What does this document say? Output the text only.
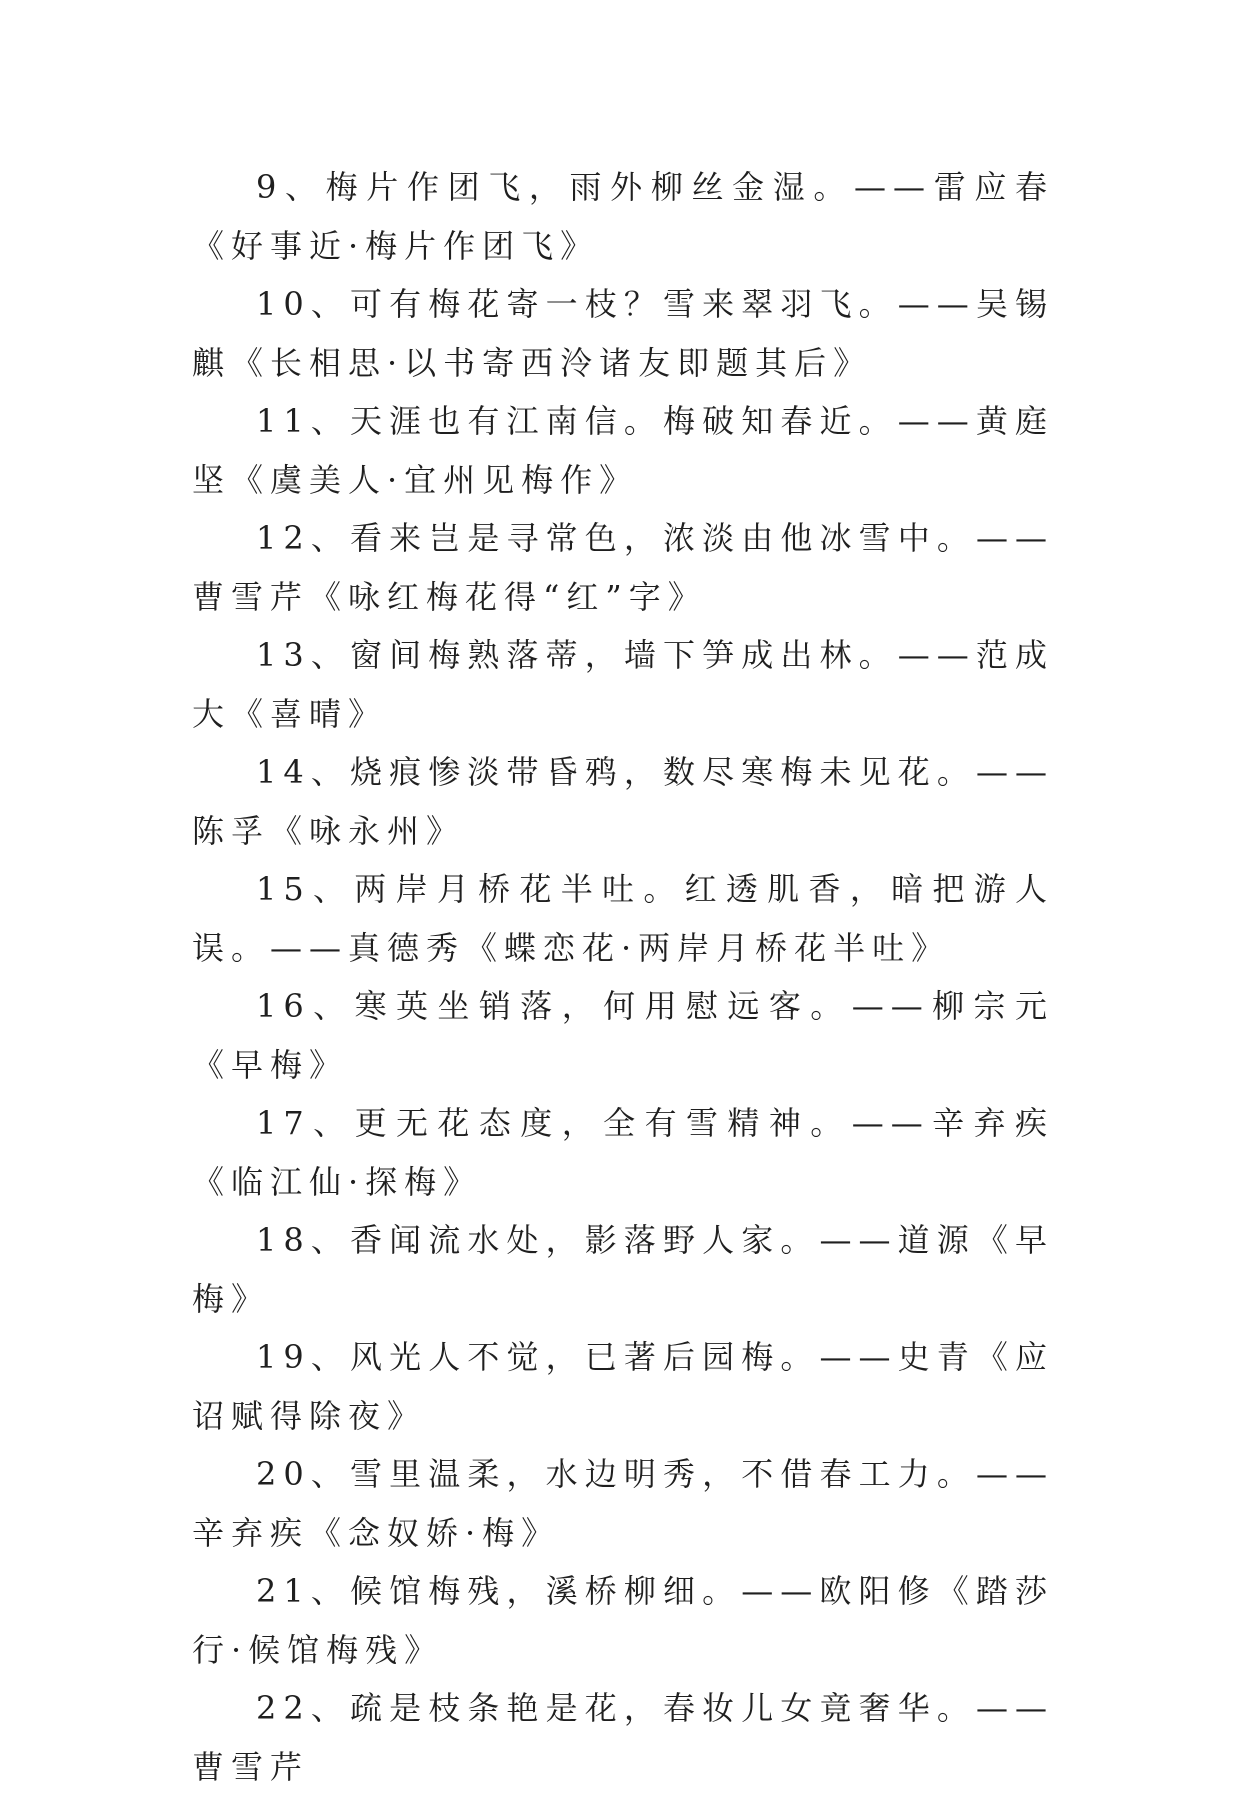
9、梅片作团飞，雨外柳丝金湿。——雷应春《好事近·梅片作团飞》

10、可有梅花寄一枝？雪来翠羽飞。——吴锡麒《长相思·以书寄西泠诸友即题其后》

11、天涯也有江南信。梅破知春近。——黄庭坚《虞美人·宜州见梅作》

12、看来岂是寻常色，浓淡由他冰雪中。——曹雪芹《咏红梅花得“红”字》

13、窗间梅熟落蒂，墙下笋成出林。——范成大《喜晴》

14、烧痕惨淡带昏鸦，数尽寒梅未见花。——陈孚《咏永州》

15、两岸月桥花半吐。红透肌香，暗把游人误。——真德秀《蝶恋花·两岸月桥花半吐》

16、寒英坐销落，何用慰远客。——柳宗元《早梅》

17、更无花态度，全有雪精神。——辛弃疾《临江仙·探梅》

18、香闻流水处，影落野人家。——道源《早梅》

19、风光人不觉，已著后园梅。——史青《应诏赋得除夜》

20、雪里温柔，水边明秀，不借春工力。——辛弃疾《念奴娇·梅》

21、候馆梅残，溪桥柳细。——欧阳修《踏莎行·候馆梅残》

22、疏是枝条艳是花，春妆儿女竟奢华。——曹雪芹
